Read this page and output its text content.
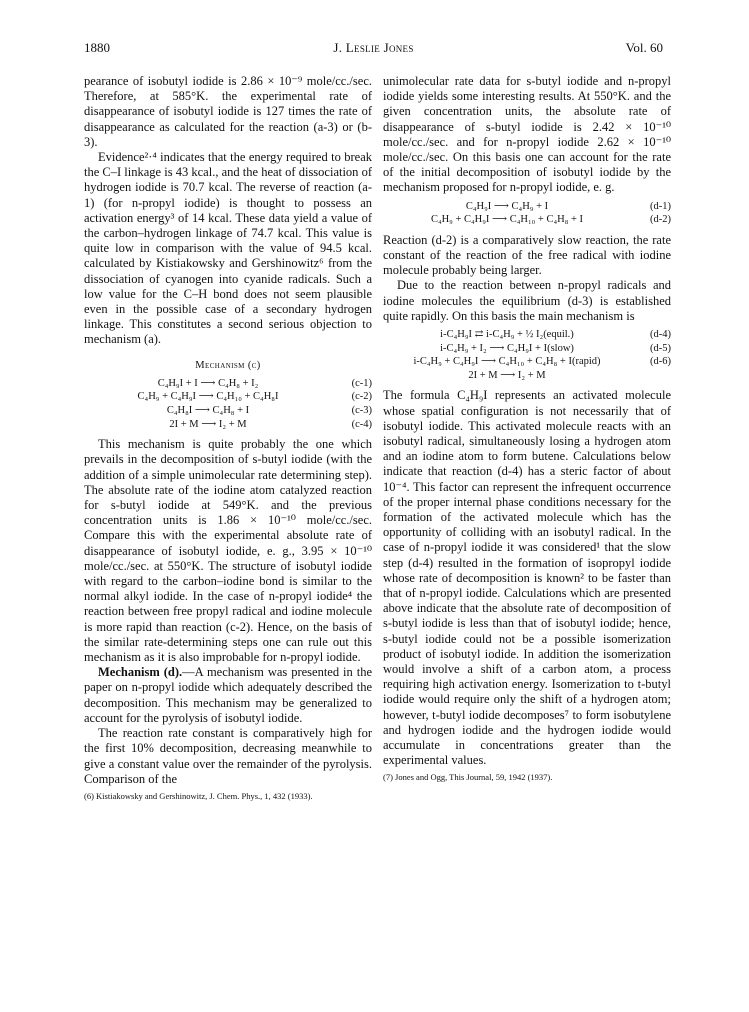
1880	J. Leslie Jones	Vol. 60

pearance of isobutyl iodide is 2.86 × 10⁻⁹ mole/cc./sec. Therefore, at 585°K. the experimental rate of disappearance of isobutyl iodide is 127 times the rate of disappearance as calculated for the reaction (a-3) or (b-3).

Evidence²·⁴ indicates that the energy required to break the C–I linkage is 43 kcal., and the heat of dissociation of hydrogen iodide is 70.7 kcal. The reverse of reaction (a-1) (for n-propyl iodide) is thought to possess an activation energy³ of 14 kcal. These data yield a value of the carbon–hydrogen linkage of 74.7 kcal. This value is quite low in comparison with the value of 94.5 kcal. calculated by Kistiakowsky and Gershinowitz⁶ from the dissociation of cyanogen into cyanide radicals. Such a low value for the C–H bond does not seem plausible even in the possible case of a secondary hydrogen linkage. This constitutes a second serious objection to mechanism (a).

Mechanism (c)
C₄H₉I + I ⟶ C₄H₈ + I₂	(c-1)
C₄H₉ + C₄H₉I ⟶ C₄H₁₀ + C₄H₈I	(c-2)
C₄H₈I ⟶ C₄H₈ + I	(c-3)
2I + M ⟶ I₂ + M	(c-4)

This mechanism is quite probably the one which prevails in the decomposition of s-butyl iodide (with the addition of a simple unimolecular rate determining step). The absolute rate of the iodine atom catalyzed reaction for s-butyl iodide at 549°K. and the previous concentration units is 1.86 × 10⁻¹⁰ mole/cc./sec. Compare this with the experimental absolute rate of disappearance of isobutyl iodide, e. g., 3.95 × 10⁻¹⁰ mole/cc./sec. at 550°K. The structure of isobutyl iodide with regard to the carbon–iodine bond is similar to the normal alkyl iodide. In the case of n-propyl iodide⁴ the reaction between free propyl radical and iodine molecule is more rapid than reaction (c-2). Hence, on the basis of the similar rate-determining steps one can rule out this mechanism as it is also improbable for n-propyl iodide.

Mechanism (d).—A mechanism was presented in the paper on n-propyl iodide which adequately described the decomposition. This mechanism may be generalized to account for the pyrolysis of isobutyl iodide.

The reaction rate constant is comparatively high for the first 10% decomposition, decreasing meanwhile to give a constant value over the remainder of the pyrolysis. Comparison of the

(6) Kistiakowsky and Gershinowitz, J. Chem. Phys., 1, 432 (1933).

unimolecular rate data for s-butyl iodide and n-propyl iodide yields some interesting results. At 550°K. and the given concentration units, the absolute rate of disappearance of s-butyl iodide is 2.42 × 10⁻¹⁰ mole/cc./sec. and for n-propyl iodide 2.62 × 10⁻¹⁰ mole/cc./sec. On this basis one can account for the rate of the initial decomposition of isobutyl iodide by the mechanism proposed for n-propyl iodide, e. g.

C₄H₉I ⟶ C₄H₉ + I	(d-1)
C₄H₉ + C₄H₉I ⟶ C₄H₁₀ + C₄H₈ + I	(d-2)

Reaction (d-2) is a comparatively slow reaction, the rate constant of the reaction of the free radical with iodine molecule probably being larger.

Due to the reaction between n-propyl radicals and iodine molecules the equilibrium (d-3) is established quite rapidly. On this basis the main mechanism is

i-C₄H₉I ⇄ i-C₄H₉ + ½ I₂(equil.)	(d-4)
i-C₄H₉ + I₂ ⟶ C₄H₉I + I(slow)	(d-5)
i-C₄H₉ + C₄H₉I ⟶ C₄H₁₀ + C₄H₈ + I(rapid)	(d-6)
2I + M ⟶ I₂ + M

The formula C₄H₉I represents an activated molecule whose spatial configuration is not necessarily that of isobutyl iodide. This activated molecule reacts with an isobutyl radical, simultaneously losing a hydrogen atom and an iodine atom to form butene. Calculations below indicate that reaction (d-4) has a steric factor of about 10⁻⁴. This factor can represent the infrequent occurrence of the proper internal phase conditions necessary for the formation of the activated molecule which has the opportunity of colliding with an isobutyl radical. In the case of n-propyl iodide it was considered¹ that the slow step (d-4) resulted in the formation of isopropyl iodide whose rate of decomposition is known² to be faster than that of n-propyl iodide. Calculations which are presented above indicate that the absolute rate of decomposition of s-butyl iodide is less than that of isobutyl iodide; hence, s-butyl iodide could not be a possible isomerization product of isobutyl iodide. In addition the isomerization would involve a shift of a carbon atom, a process requiring high activation energy. Isomerization to t-butyl iodide would require only the shift of a hydrogen atom; however, t-butyl iodide decomposes⁷ to form isobutylene and hydrogen iodide and the hydrogen iodide would accumulate in concentrations greater than the experimental values.

(7) Jones and Ogg, This Journal, 59, 1942 (1937).
